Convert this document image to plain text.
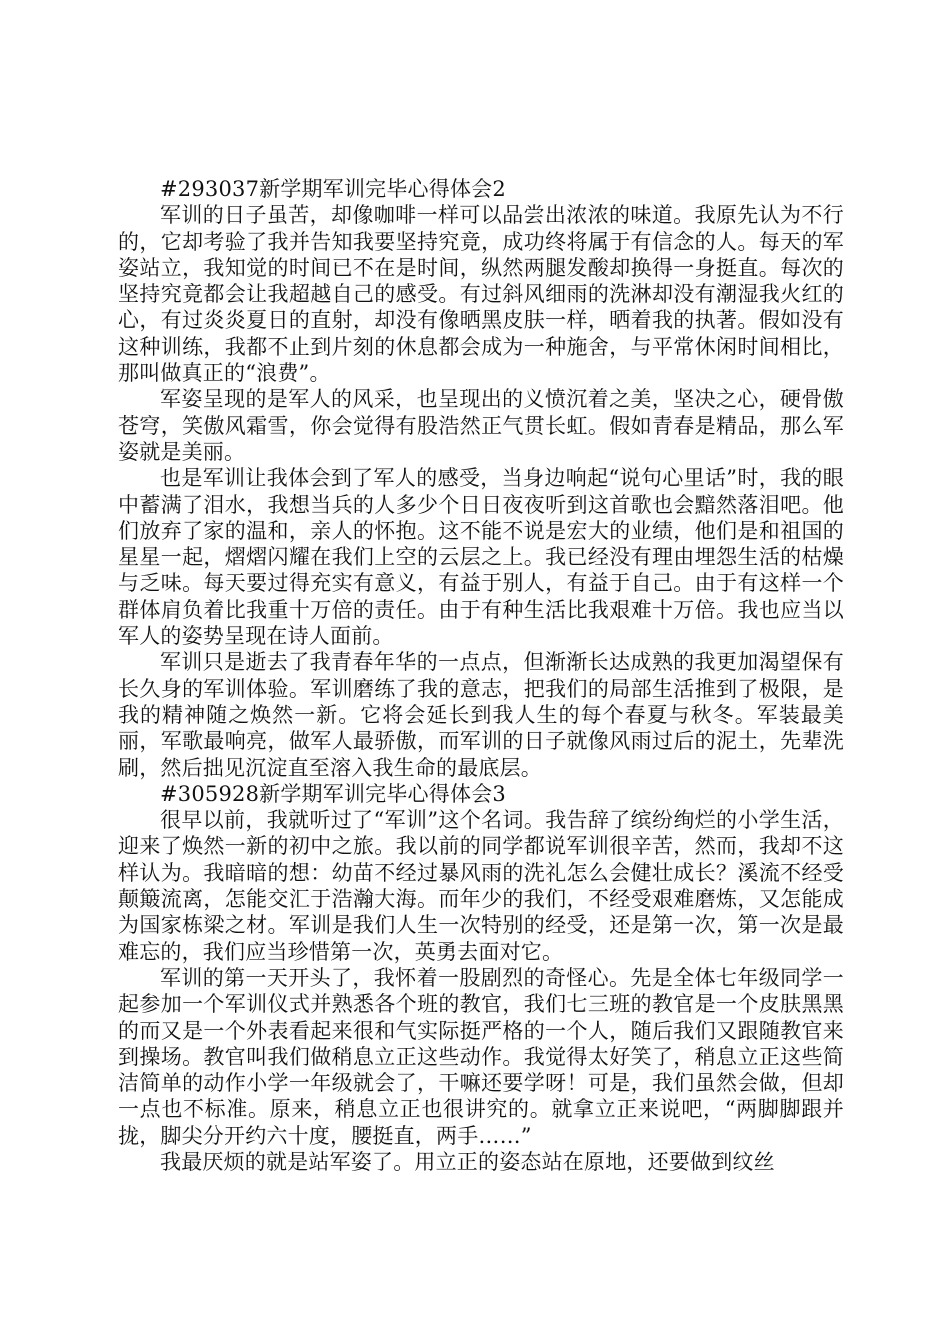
#293037新学期军训完毕心得体会2

军训的日子虽苦，却像咖啡一样可以品尝出浓浓的味道。我原先认为不行的，它却考验了我并告知我要坚持究竟，成功终将属于有信念的人。每天的军姿站立，我知觉的时间已不在是时间，纵然两腿发酸却换得一身挺直。每次的坚持究竟都会让我超越自己的感受。有过斜风细雨的洗淋却没有潮湿我火红的心，有过炎炎夏日的直射，却没有像晒黑皮肤一样，晒着我的执著。假如没有这种训练，我都不止到片刻的休息都会成为一种施舍，与平常休闲时间相比，那叫做真正的“浪费”。

军姿呈现的是军人的风采，也呈现出的义愤沉着之美，坚决之心，硬骨傲苍穹，笑傲风霜雪，你会觉得有股浩然正气贯长虹。假如青春是精品，那么军姿就是美丽。

也是军训让我体会到了军人的感受，当身边响起“说句心里话”时，我的眼中蓄满了泪水，我想当兵的人多少个日日夜夜听到这首歌也会黯然落泪吧。他们放弃了家的温和，亲人的怀抱。这不能不说是宏大的业绩，他们是和祖国的星星一起，熠熠闪耀在我们上空的云层之上。我已经没有理由埋怨生活的枯燥与乏味。每天要过得充实有意义，有益于别人，有益于自己。由于有这样一个群体肩负着比我重十万倍的责任。由于有种生活比我艰难十万倍。我也应当以军人的姿势呈现在诗人面前。

军训只是逝去了我青春年华的一点点，但渐渐长达成熟的我更加渴望保有长久身的军训体验。军训磨练了我的意志，把我们的局部生活推到了极限，是我的精神随之焕然一新。它将会延长到我人生的每个春夏与秋冬。军装最美丽，军歌最响亮，做军人最骄傲，而军训的日子就像风雨过后的泥土，先辈洗刷，然后拙见沉淀直至溶入我生命的最底层。

#305928新学期军训完毕心得体会3

很早以前，我就听过了“军训”这个名词。我告辞了缤纷绚烂的小学生活，迎来了焕然一新的初中之旅。我以前的同学都说军训很辛苦，然而，我却不这样认为。我暗暗的想：幼苗不经过暴风雨的洗礼怎么会健壮成长？溪流不经受颠簸流离，怎能交汇于浩瀚大海。而年少的我们，不经受艰难磨炼，又怎能成为国家栋梁之材。军训是我们人生一次特别的经受，还是第一次，第一次是最难忘的，我们应当珍惜第一次，英勇去面对它。

军训的第一天开头了，我怀着一股剧烈的奇怪心。先是全体七年级同学一起参加一个军训仪式并熟悉各个班的教官，我们七三班的教官是一个皮肤黑黑的而又是一个外表看起来很和气实际挺严格的一个人，随后我们又跟随教官来到操场。教官叫我们做稍息立正这些动作。我觉得太好笑了，稍息立正这些简洁简单的动作小学一年级就会了，干嘛还要学呀！可是，我们虽然会做，但却一点也不标准。原来，稍息立正也很讲究的。就拿立正来说吧，“两脚脚跟并拢，脚尖分开约六十度，腰挺直，两手……”

我最厌烦的就是站军姿了。用立正的姿态站在原地，还要做到纹丝
